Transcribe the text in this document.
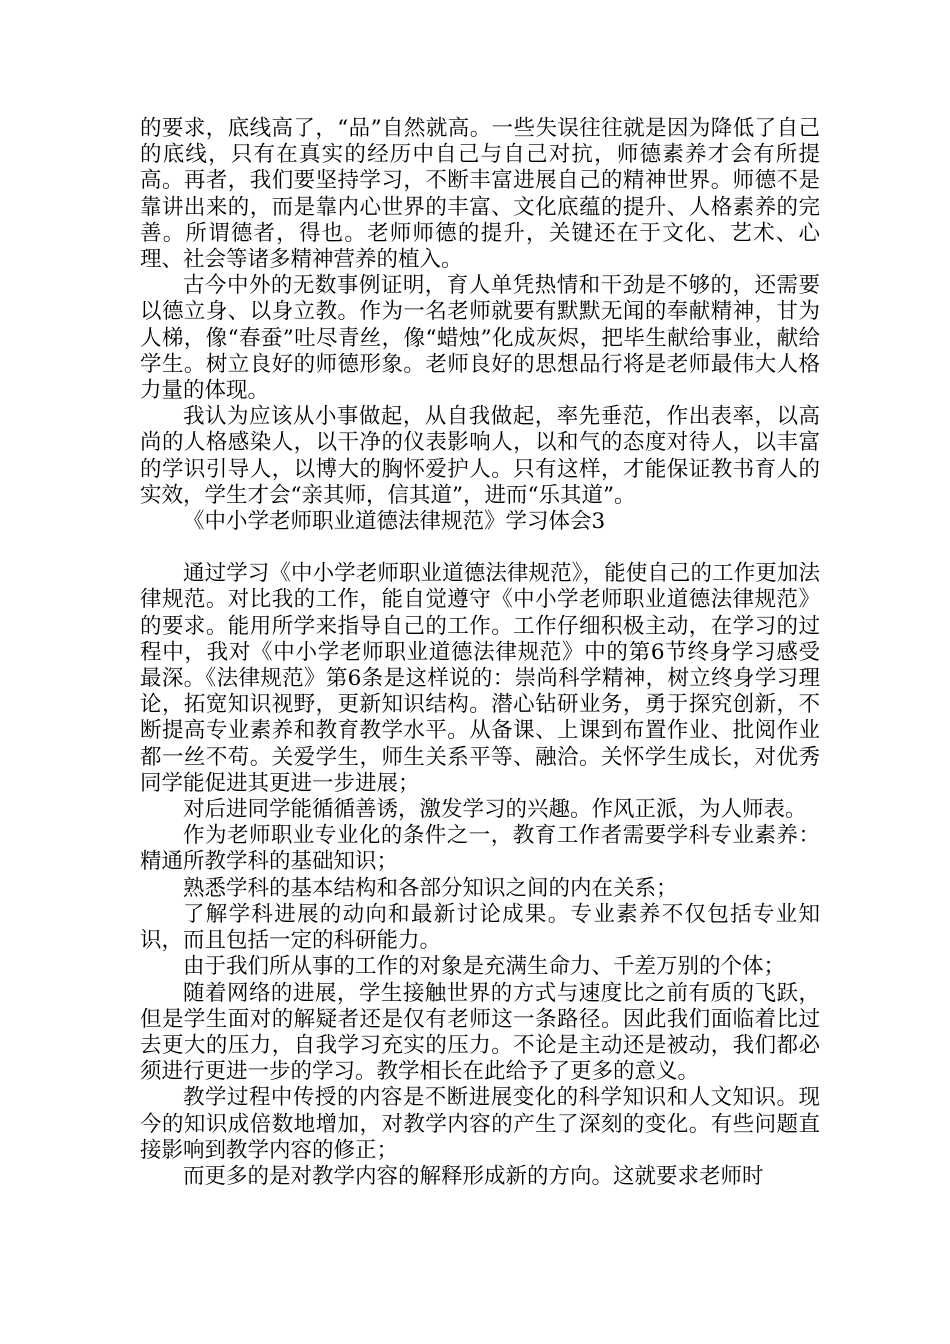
的要求，底线高了，“品”自然就高。一些失误往往就是因为降低了自己的底线，只有在真实的经历中自己与自己对抗，师德素养才会有所提高。再者，我们要坚持学习，不断丰富进展自己的精神世界。师德不是靠讲出来的，而是靠内心世界的丰富、文化底蕴的提升、人格素养的完善。所谓德者，得也。老师师德的提升，关键还在于文化、艺术、心理、社会等诸多精神营养的植入。

古今中外的无数事例证明，育人单凭热情和干劲是不够的，还需要以德立身、以身立教。作为一名老师就要有默默无闻的奉献精神，甘为人梯，像“春蚕”吐尽青丝，像“蜡烛”化成灰烬，把毕生献给事业，献给学生。树立良好的师德形象。老师良好的思想品行将是老师最伟大人格力量的体现。

我认为应该从小事做起，从自我做起，率先垂范，作出表率，以高尚的人格感染人，以干净的仪表影响人，以和气的态度对待人，以丰富的学识引导人，以博大的胸怀爱护人。只有这样，才能保证教书育人的实效，学生才会“亲其师，信其道”，进而“乐其道”。

《中小学老师职业道德法律规范》学习体会3

通过学习《中小学老师职业道德法律规范》，能使自己的工作更加法律规范。对比我的工作，能自觉遵守《中小学老师职业道德法律规范》的要求。能用所学来指导自己的工作。工作仔细积极主动，在学习的过程中，我对《中小学老师职业道德法律规范》中的第6节终身学习感受最深。《法律规范》第6条是这样说的：崇尚科学精神，树立终身学习理论，拓宽知识视野，更新知识结构。潜心钻研业务，勇于探究创新，不断提高专业素养和教育教学水平。从备课、上课到布置作业、批阅作业都一丝不苟。关爱学生，师生关系平等、融洽。关怀学生成长，对优秀同学能促进其更进一步进展；

对后进同学能循循善诱，激发学习的兴趣。作风正派，为人师表。

作为老师职业专业化的条件之一，教育工作者需要学科专业素养：精通所教学科的基础知识；

熟悉学科的基本结构和各部分知识之间的内在关系；

了解学科进展的动向和最新讨论成果。专业素养不仅包括专业知识，而且包括一定的科研能力。

由于我们所从事的工作的对象是充满生命力、千差万别的个体；

随着网络的进展，学生接触世界的方式与速度比之前有质的飞跃，但是学生面对的解疑者还是仅有老师这一条路径。因此我们面临着比过去更大的压力，自我学习充实的压力。不论是主动还是被动，我们都必须进行更进一步的学习。教学相长在此给予了更多的意义。

教学过程中传授的内容是不断进展变化的科学知识和人文知识。现今的知识成倍数地增加，对教学内容的产生了深刻的变化。有些问题直接影响到教学内容的修正；

而更多的是对教学内容的解释形成新的方向。这就要求老师时
